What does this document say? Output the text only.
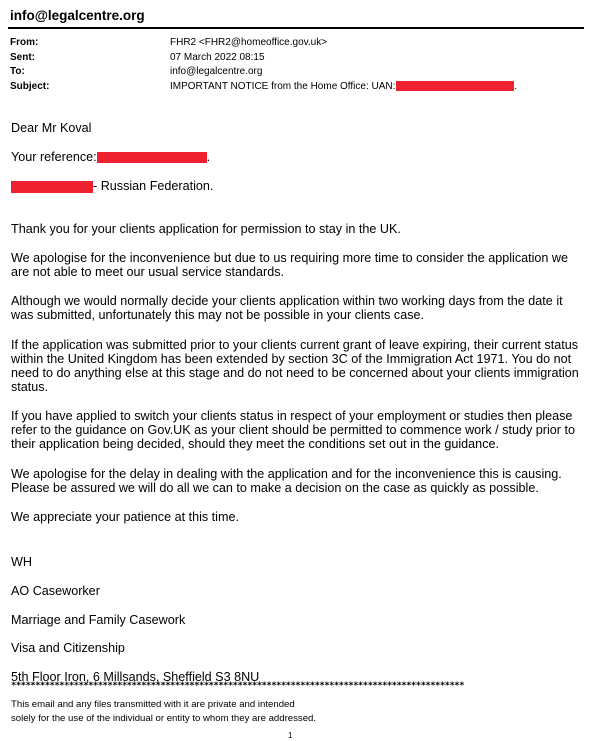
info@legalcentre.org
From:	FHR2 <FHR2@homeoffice.gov.uk>
Sent:	07 March 2022 08:15
To:	info@legalcentre.org
Subject:	IMPORTANT NOTICE from the Home Office: UAN:	.

Dear Mr Koval

Your reference:	.

- Russian Federation.

Thank you for your clients application for permission to stay in the UK.

We apologise for the inconvenience but due to us requiring more time to consider the application we are not able to meet our usual service standards.

Although we would normally decide your clients application within two working days from the date it was submitted, unfortunately this may not be possible in your clients case.

If the application was submitted prior to your clients current grant of leave expiring, their current status within the United Kingdom has been extended by section 3C of the Immigration Act 1971. You do not need to do anything else at this stage and do not need to be concerned about your clients immigration status.

If you have applied to switch your clients status in respect of your employment or studies then please refer to the guidance on Gov.UK as your client should be permitted to commence work / study prior to their application being decided, should they meet the conditions set out in the guidance.

We apologise for the delay in dealing with the application and for the inconvenience this is causing. Please be assured we will do all we can to make a decision on the case as quickly as possible.

We appreciate your patience at this time.

WH
AO Caseworker
Marriage and Family Casework
Visa and Citizenship
5th Floor Iron, 6 Millsands, Sheffield S3 8NU
**********************************************************************************************
This email and any files transmitted with it are private and intended
solely for the use of the individual or entity to whom they are addressed.
1
